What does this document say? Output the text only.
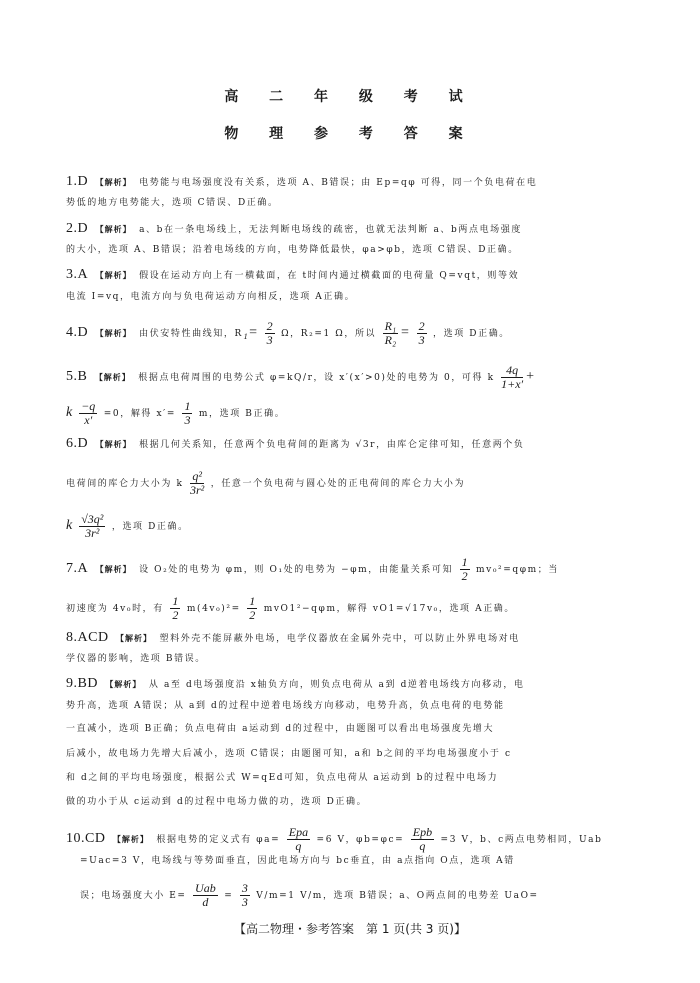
高 二 年 级 考 试
物 理 参 考 答 案
1.D 【解析】 电势能与电场强度没有关系，选项 A、B错误；由 Ep=qφ 可得，同一个负电荷在电
势低的地方电势能大，选项 C错误、D正确。
2.D 【解析】 a、b在一条电场线上，无法判断电场线的疏密，也就无法判断 a、b两点电场强度
的大小，选项 A、B错误；沿着电场线的方向，电势降低最快，φa>φb，选项 C错误、D正确。
3.A 【解析】 假设在运动方向上有一横截面，在 t时间内通过横截面的电荷量 Q=vqt，则等效
电流 I=vq，电流方向与负电荷运动方向相反，选项 A正确。
4.D 【解析】 由伏安特性曲线知，$R_1= \frac{2}{3}$ Ω，R₂=1 Ω，所以 $\frac{\text{R₁}}{\text{R₂}} = \frac{2}{3}$ ，选项 D正确。
5.B 【解析】 根据点电荷周围的电势公式 φ=kQ/r，设 x′(x′>0)处的电势为 0，可得 k $\frac{4q}{1+x'}$ +
k $\frac{-q}{x'} =0$，解得 $x'= \frac{1}{3}$ m，选项 B正确。
6.D 【解析】 根据几何关系知，任意两个负电荷间的距离为 √3r，由库仑定律可知，任意两个负
电荷间的库仑力大小为 k $\frac{\text{q²}}{\text{3r²}}$ ，任意一个负电荷与圆心处的正电荷间的库仑力大小为
k $\frac{\text{√3q²}}{\text{3r²}}$ ，选项 D正确。
7.A 【解析】 设 O₂处的电势为 φm，则 O₁处的电势为 −φm，由能量关系可知 $\frac{1}{2} mv_0^2=q\varphi m$；当
初速度为 4v₀时，有 $\frac{1}{2} m(4v_0)^2= \frac{1}{2} mvO1^2-q\varphi m$，解得 vO1=√17v₀，选项 A正确。
8.ACD 【解析】 塑料外壳不能屏蔽外电场，电学仪器放在金属外壳中，可以防止外界电场对电
学仪器的影响，选项 B错误。
9.BD 【解析】 从 a至 d电场强度沿 x轴负方向，则负点电荷从 a到 d逆着电场线方向移动，电
势升高，选项 A错误；从 a到 d的过程中逆着电场线方向移动，电势升高，负点电荷的电势能
一直减小，选项 B正确；负点电荷由 a运动到 d的过程中，由题图可以看出电场强度先增大
后减小，故电场力先增大后减小，选项 C错误；由题图可知，a和 b之间的平均电场强度小于 c
和 d之间的平均电场强度，根据公式 W=qEd可知，负点电荷从 a运动到 b的过程中电场力
做的功小于从 c运动到 d的过程中电场力做的功，选项 D正确。
10.CD 【解析】 根据电势的定义式有 $\varphi a= \frac{\text{Epa}}{q} =6$ V，$\varphi b=\varphi c= \frac{\text{Epb}}{q} =3$ V，b、c两点电势相同，Uab
=Uac=3 V，电场线与等势面垂直，因此电场方向与 bc垂直，由 a点指向 O点，选项 A错
误；电场强度大小 $E= \frac{\text{Uab}}{d} = \frac{3}{3} V/m=1$ V/m，选项 B错误；a、O两点间的电势差 UaO=
【高二物理・参考答案　第 1 页(共 3 页)】
